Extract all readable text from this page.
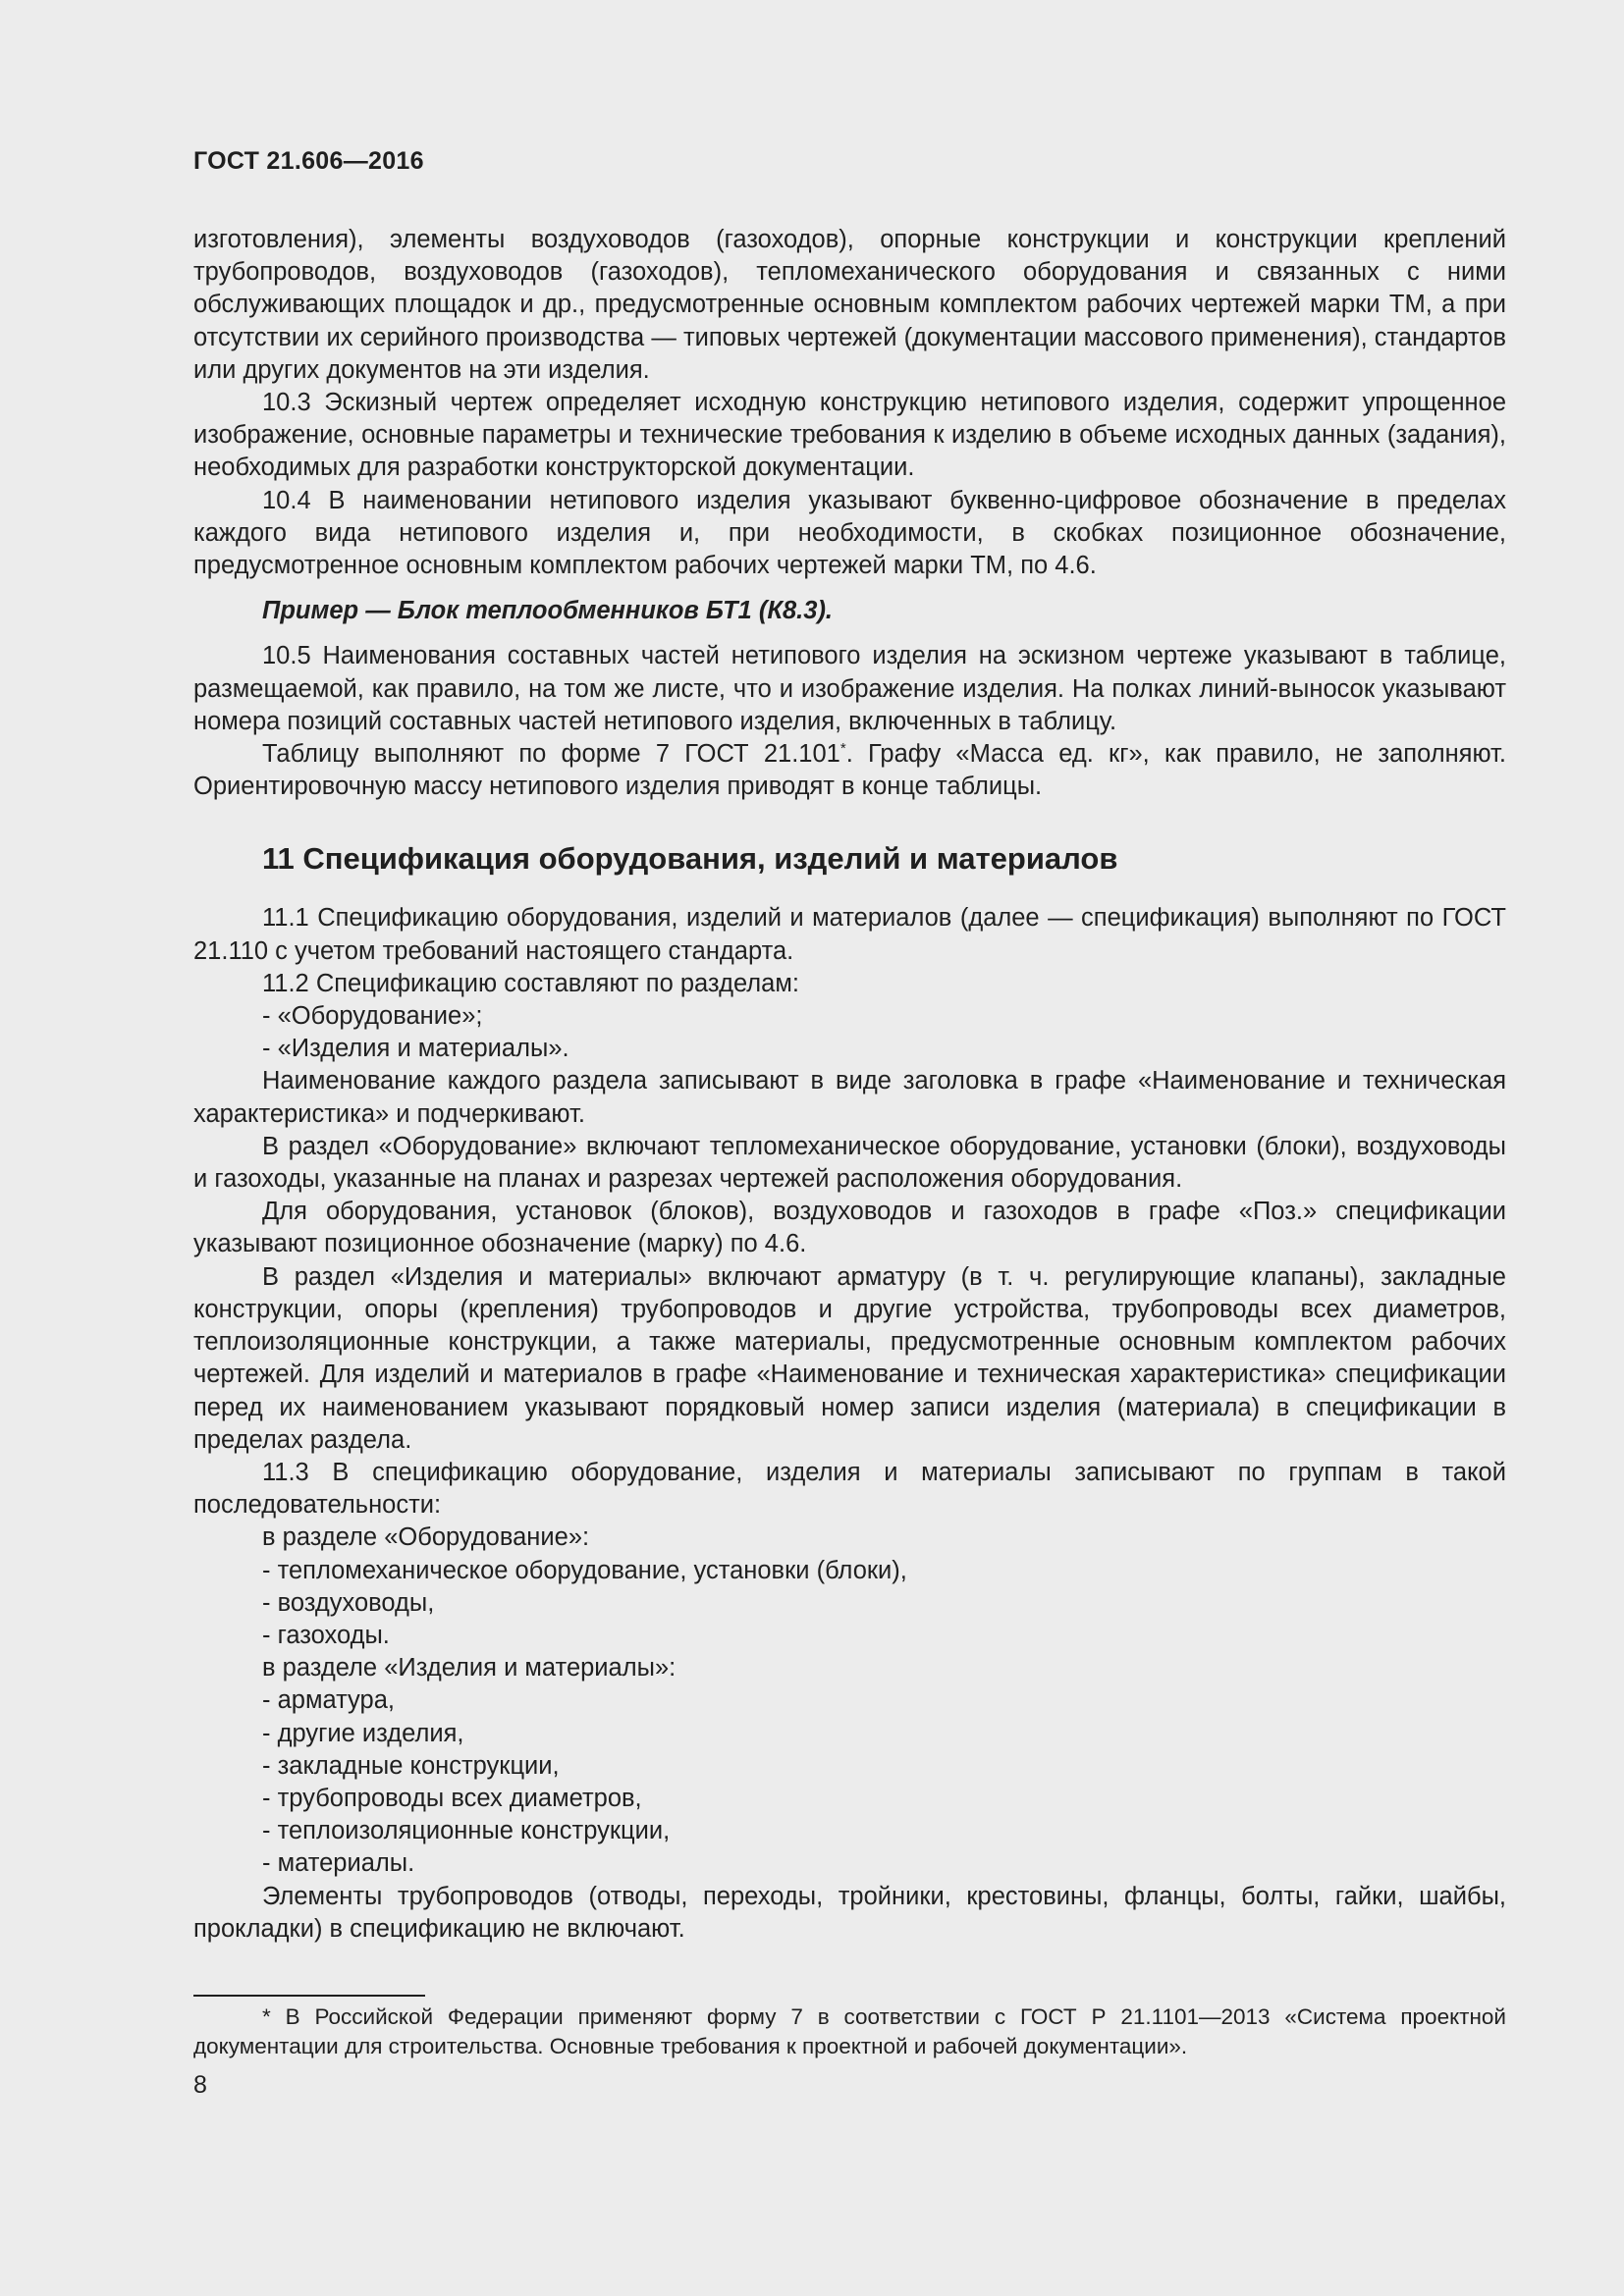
ГОСТ 21.606—2016

изготовления), элементы воздуховодов (газоходов), опорные конструкции и конструкции креплений трубопроводов, воздуховодов (газоходов), тепломеханического оборудования и связанных с ними обслуживающих площадок и др., предусмотренные основным комплектом рабочих чертежей марки ТМ, а при отсутствии их серийного производства — типовых чертежей (документации массового применения), стандартов или других документов на эти изделия.

10.3 Эскизный чертеж определяет исходную конструкцию нетипового изделия, содержит упрощенное изображение, основные параметры и технические требования к изделию в объеме исходных данных (задания), необходимых для разработки конструкторской документации.

10.4 В наименовании нетипового изделия указывают буквенно-цифровое обозначение в пределах каждого вида нетипового изделия и, при необходимости, в скобках позиционное обозначение, предусмотренное основным комплектом рабочих чертежей марки ТМ, по 4.6.

Пример — Блок теплообменников БТ1 (К8.3).

10.5 Наименования составных частей нетипового изделия на эскизном чертеже указывают в таблице, размещаемой, как правило, на том же листе, что и изображение изделия. На полках линий-выносок указывают номера позиций составных частей нетипового изделия, включенных в таблицу.

Таблицу выполняют по форме 7 ГОСТ 21.101*. Графу «Масса ед. кг», как правило, не заполняют. Ориентировочную массу нетипового изделия приводят в конце таблицы.

11 Спецификация оборудования, изделий и материалов

11.1 Спецификацию оборудования, изделий и материалов (далее — спецификация) выполняют по ГОСТ 21.110 с учетом требований настоящего стандарта.

11.2 Спецификацию составляют по разделам:

- «Оборудование»;

- «Изделия и материалы».

Наименование каждого раздела записывают в виде заголовка в графе «Наименование и техническая характеристика» и подчеркивают.

В раздел «Оборудование» включают тепломеханическое оборудование, установки (блоки), воздуховоды и газоходы, указанные на планах и разрезах чертежей расположения оборудования.

Для оборудования, установок (блоков), воздуховодов и газоходов в графе «Поз.» спецификации указывают позиционное обозначение (марку) по 4.6.

В раздел «Изделия и материалы» включают арматуру (в т. ч. регулирующие клапаны), закладные конструкции, опоры (крепления) трубопроводов и другие устройства, трубопроводы всех диаметров, теплоизоляционные конструкции, а также материалы, предусмотренные основным комплектом рабочих чертежей. Для изделий и материалов в графе «Наименование и техническая характеристика» спецификации перед их наименованием указывают порядковый номер записи изделия (материала) в спецификации в пределах раздела.

11.3 В спецификацию оборудование, изделия и материалы записывают по группам в такой последовательности:

в разделе «Оборудование»:

- тепломеханическое оборудование, установки (блоки),

- воздуховоды,

- газоходы.

в разделе «Изделия и материалы»:

- арматура,

- другие изделия,

- закладные конструкции,

- трубопроводы всех диаметров,

- теплоизоляционные конструкции,

- материалы.

Элементы трубопроводов (отводы, переходы, тройники, крестовины, фланцы, болты, гайки, шайбы, прокладки) в спецификацию не включают.

* В Российской Федерации применяют форму 7 в соответствии с ГОСТ Р 21.1101—2013 «Система проектной документации для строительства. Основные требования к проектной и рабочей документации».

8
